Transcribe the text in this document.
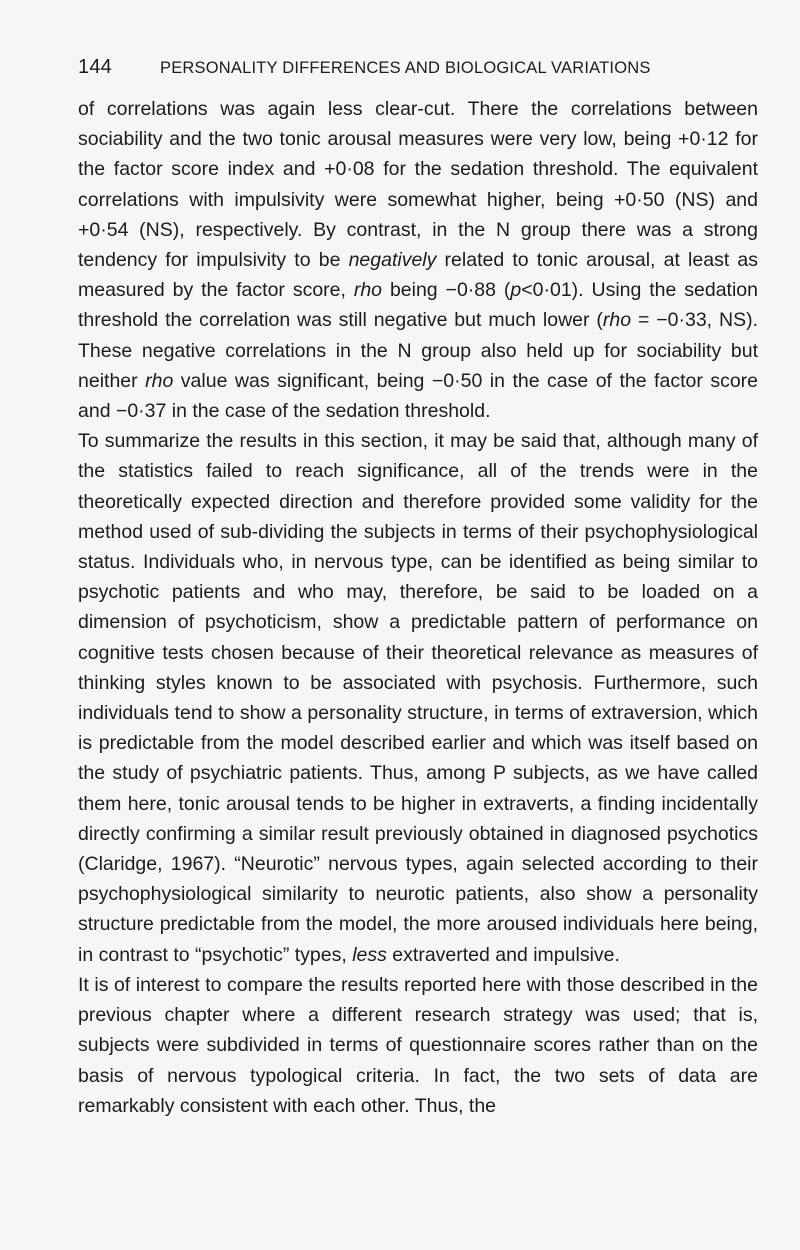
144	PERSONALITY DIFFERENCES AND BIOLOGICAL VARIATIONS

of correlations was again less clear-cut. There the correlations between sociability and the two tonic arousal measures were very low, being +0·12 for the factor score index and +0·08 for the sedation threshold. The equivalent correlations with impulsivity were somewhat higher, being +0·50 (NS) and +0·54 (NS), respectively. By contrast, in the N group there was a strong tendency for impulsivity to be negatively related to tonic arousal, at least as measured by the factor score, rho being −0·88 (p<0·01). Using the sedation threshold the correlation was still negative but much lower (rho = −0·33, NS). These negative correlations in the N group also held up for sociability but neither rho value was significant, being −0·50 in the case of the factor score and −0·37 in the case of the sedation threshold.

To summarize the results in this section, it may be said that, although many of the statistics failed to reach significance, all of the trends were in the theoretically expected direction and therefore provided some validity for the method used of sub-dividing the subjects in terms of their psychophysiological status. Individuals who, in nervous type, can be identified as being similar to psychotic patients and who may, therefore, be said to be loaded on a dimension of psychoticism, show a predictable pattern of performance on cognitive tests chosen because of their theoretical relevance as measures of thinking styles known to be associated with psychosis. Furthermore, such individuals tend to show a personality structure, in terms of extraversion, which is predictable from the model described earlier and which was itself based on the study of psychiatric patients. Thus, among P subjects, as we have called them here, tonic arousal tends to be higher in extraverts, a finding incidentally directly confirming a similar result previously obtained in diagnosed psychotics (Claridge, 1967). “Neurotic” nervous types, again selected according to their psychophysiological similarity to neurotic patients, also show a personality structure predictable from the model, the more aroused individuals here being, in contrast to “psychotic” types, less extraverted and impulsive.

It is of interest to compare the results reported here with those described in the previous chapter where a different research strategy was used; that is, subjects were subdivided in terms of questionnaire scores rather than on the basis of nervous typological criteria. In fact, the two sets of data are remarkably consistent with each other. Thus, the
